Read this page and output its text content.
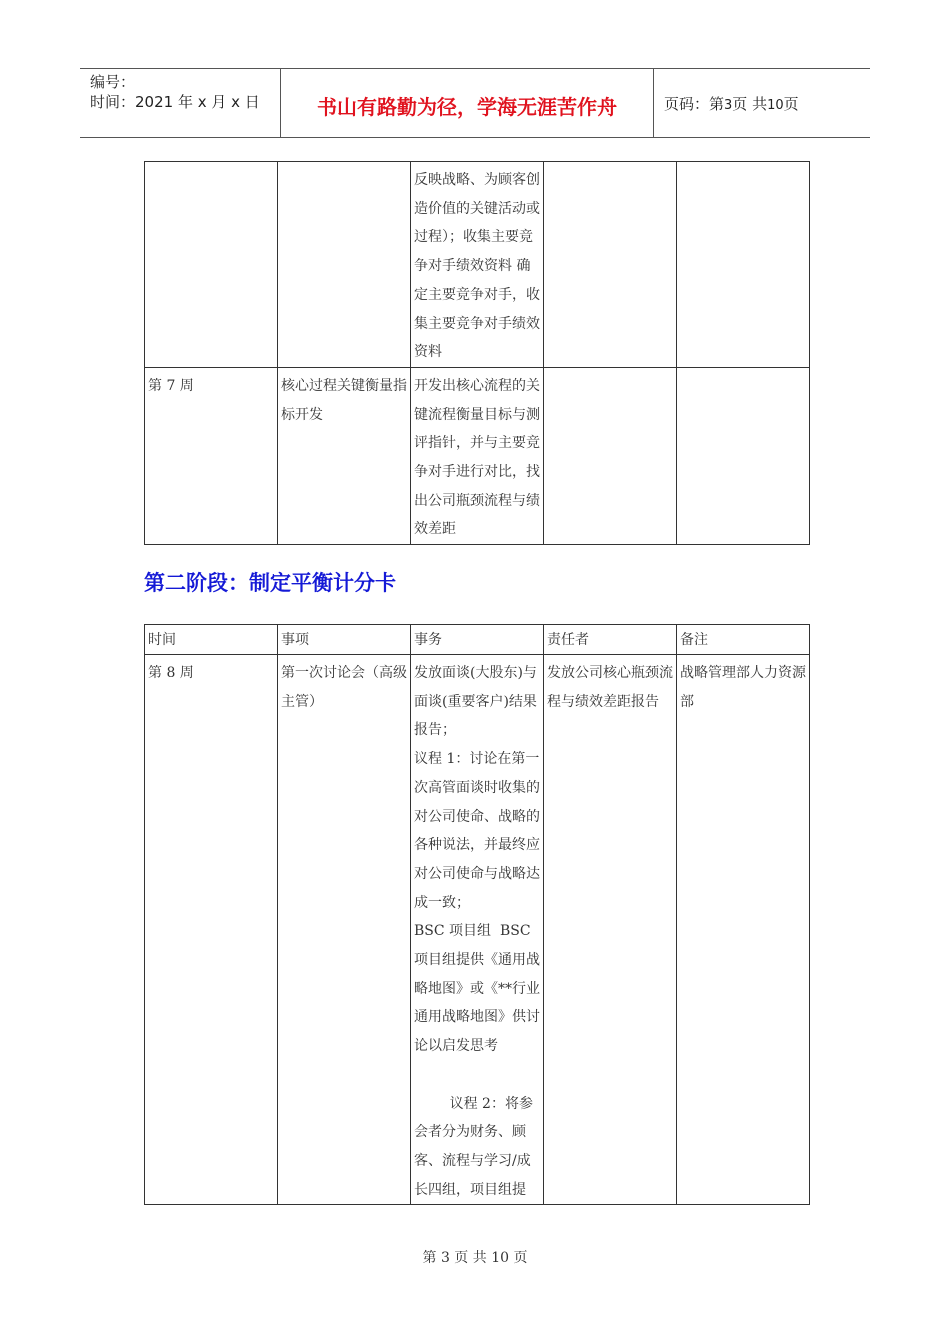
编号：
时间：2021 年 x 月 x 日	书山有路勤为径，学海无涯苦作舟	页码：第3页 共10页
		反映战略、为顾客创造价值的关键活动或过程）；收集主要竞争对手绩效资料 确定主要竞争对手，收集主要竞争对手绩效资料		
第 7 周	核心过程关键衡量指标开发	开发出核心流程的关键流程衡量目标与测评指针，并与主要竞争对手进行对比，找出公司瓶颈流程与绩效差距		
第二阶段：制定平衡计分卡
时间	事项	事务	责任者	备注
第 8 周	第一次讨论会（高级主管）	发放面谈(大股东)与面谈(重要客户)结果报告；
议程 1：讨论在第一次高管面谈时收集的对公司使命、战略的各种说法，并最终应对公司使命与战略达成一致；
BSC 项目组  BSC 项目组提供《通用战略地图》或《**行业通用战略地图》供讨论以启发思考

议程 2：将参会者分为财务、顾客、流程与学习/成长四组，项目组提	发放公司核心瓶颈流程与绩效差距报告	战略管理部人力资源部
第 3 页 共 10 页
